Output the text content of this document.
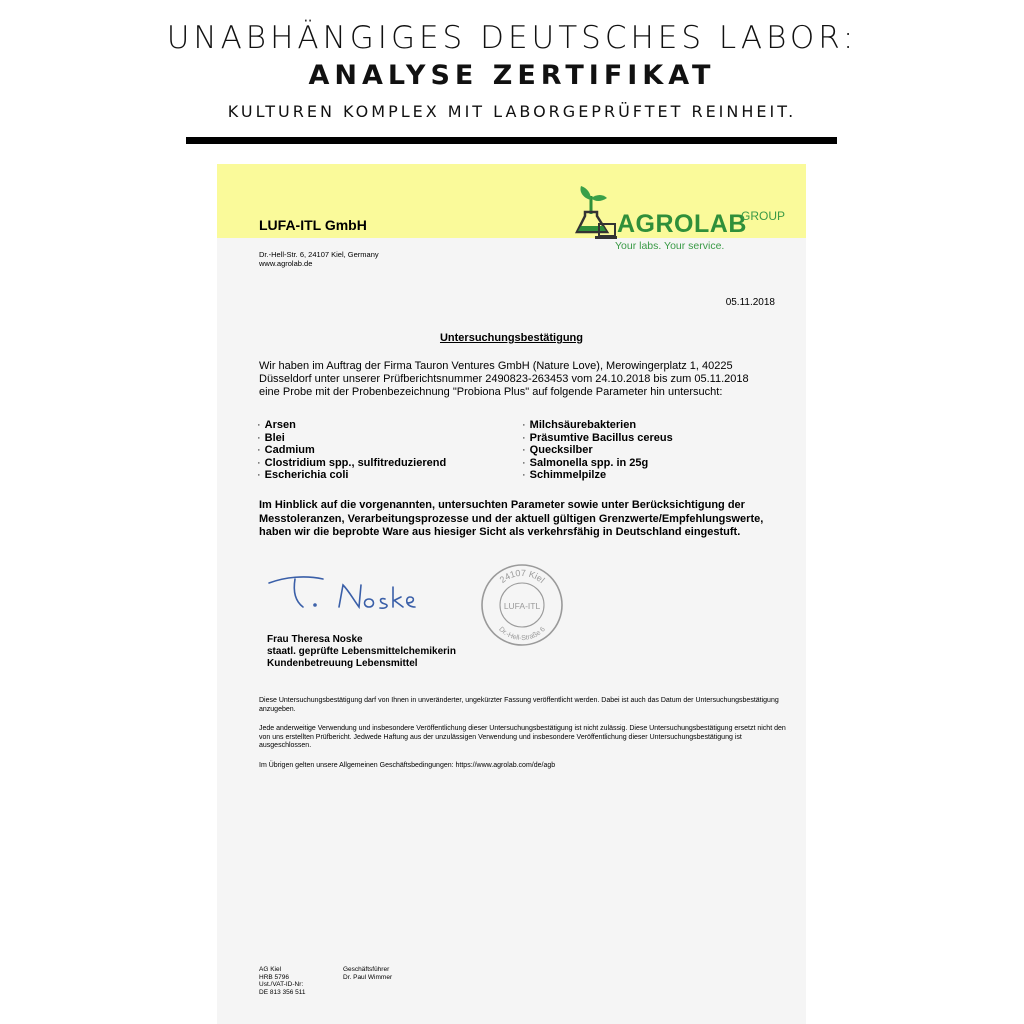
UNABHÄNGIGES DEUTSCHES LABOR:
ANALYSE ZERTIFIKAT
KULTUREN KOMPLEX MIT LABORGEPRÜFTET REINHEIT.
LUFA-ITL GmbH	AGROLAB
GROUP
Your labs. Your service.
Dr.-Hell-Str. 6, 24107 Kiel, Germany
www.agrolab.de
05.11.2018
Untersuchungsbestätigung
Wir haben im Auftrag der Firma Tauron Ventures GmbH (Nature Love), Merowingerplatz 1, 40225
Düsseldorf unter unserer Prüfberichtsnummer 2490823-263453 vom 24.10.2018 bis zum 05.11.2018
eine Probe mit der Probenbezeichnung "Probiona Plus" auf folgende Parameter hin untersucht:
· Arsen
· Blei
· Cadmium
· Clostridium spp., sulfitreduzierend
· Escherichia coli
· Milchsäurebakterien
· Präsumtive Bacillus cereus
· Quecksilber
· Salmonella spp. in 25g
· Schimmelpilze
Im Hinblick auf die vorgenannten, untersuchten Parameter sowie unter Berücksichtigung der
Messtoleranzen, Verarbeitungsprozesse und der aktuell gültigen Grenzwerte/Empfehlungswerte,
haben wir die beprobte Ware aus hiesiger Sicht als verkehrsfähig in Deutschland eingestuft.
24107 Kiel
LUFA-ITL
Dr.-Hell-Straße 6
Frau Theresa Noske
staatl. geprüfte Lebensmittelchemikerin
Kundenbetreuung Lebensmittel
Diese Untersuchungsbestätigung darf von Ihnen in unveränderter, ungekürzter Fassung veröffentlicht werden. Dabei ist auch das Datum der Untersuchungsbestätigung anzugeben.
Jede anderweitige Verwendung und insbesondere Veröffentlichung dieser Untersuchungsbestätigung ist nicht zulässig. Diese Untersuchungsbestätigung ersetzt nicht den von uns erstellten Prüfbericht. Jedwede Haftung aus der unzulässigen Verwendung und insbesondere Veröffentlichung dieser Untersuchungsbestätigung ist ausgeschlossen.
Im Übrigen gelten unsere Allgemeinen Geschäftsbedingungen: https://www.agrolab.com/de/agb
AG Kiel
HRB 5796
Ust./VAT-ID-Nr:
DE 813 356 511
Geschäftsführer
Dr. Paul Wimmer
